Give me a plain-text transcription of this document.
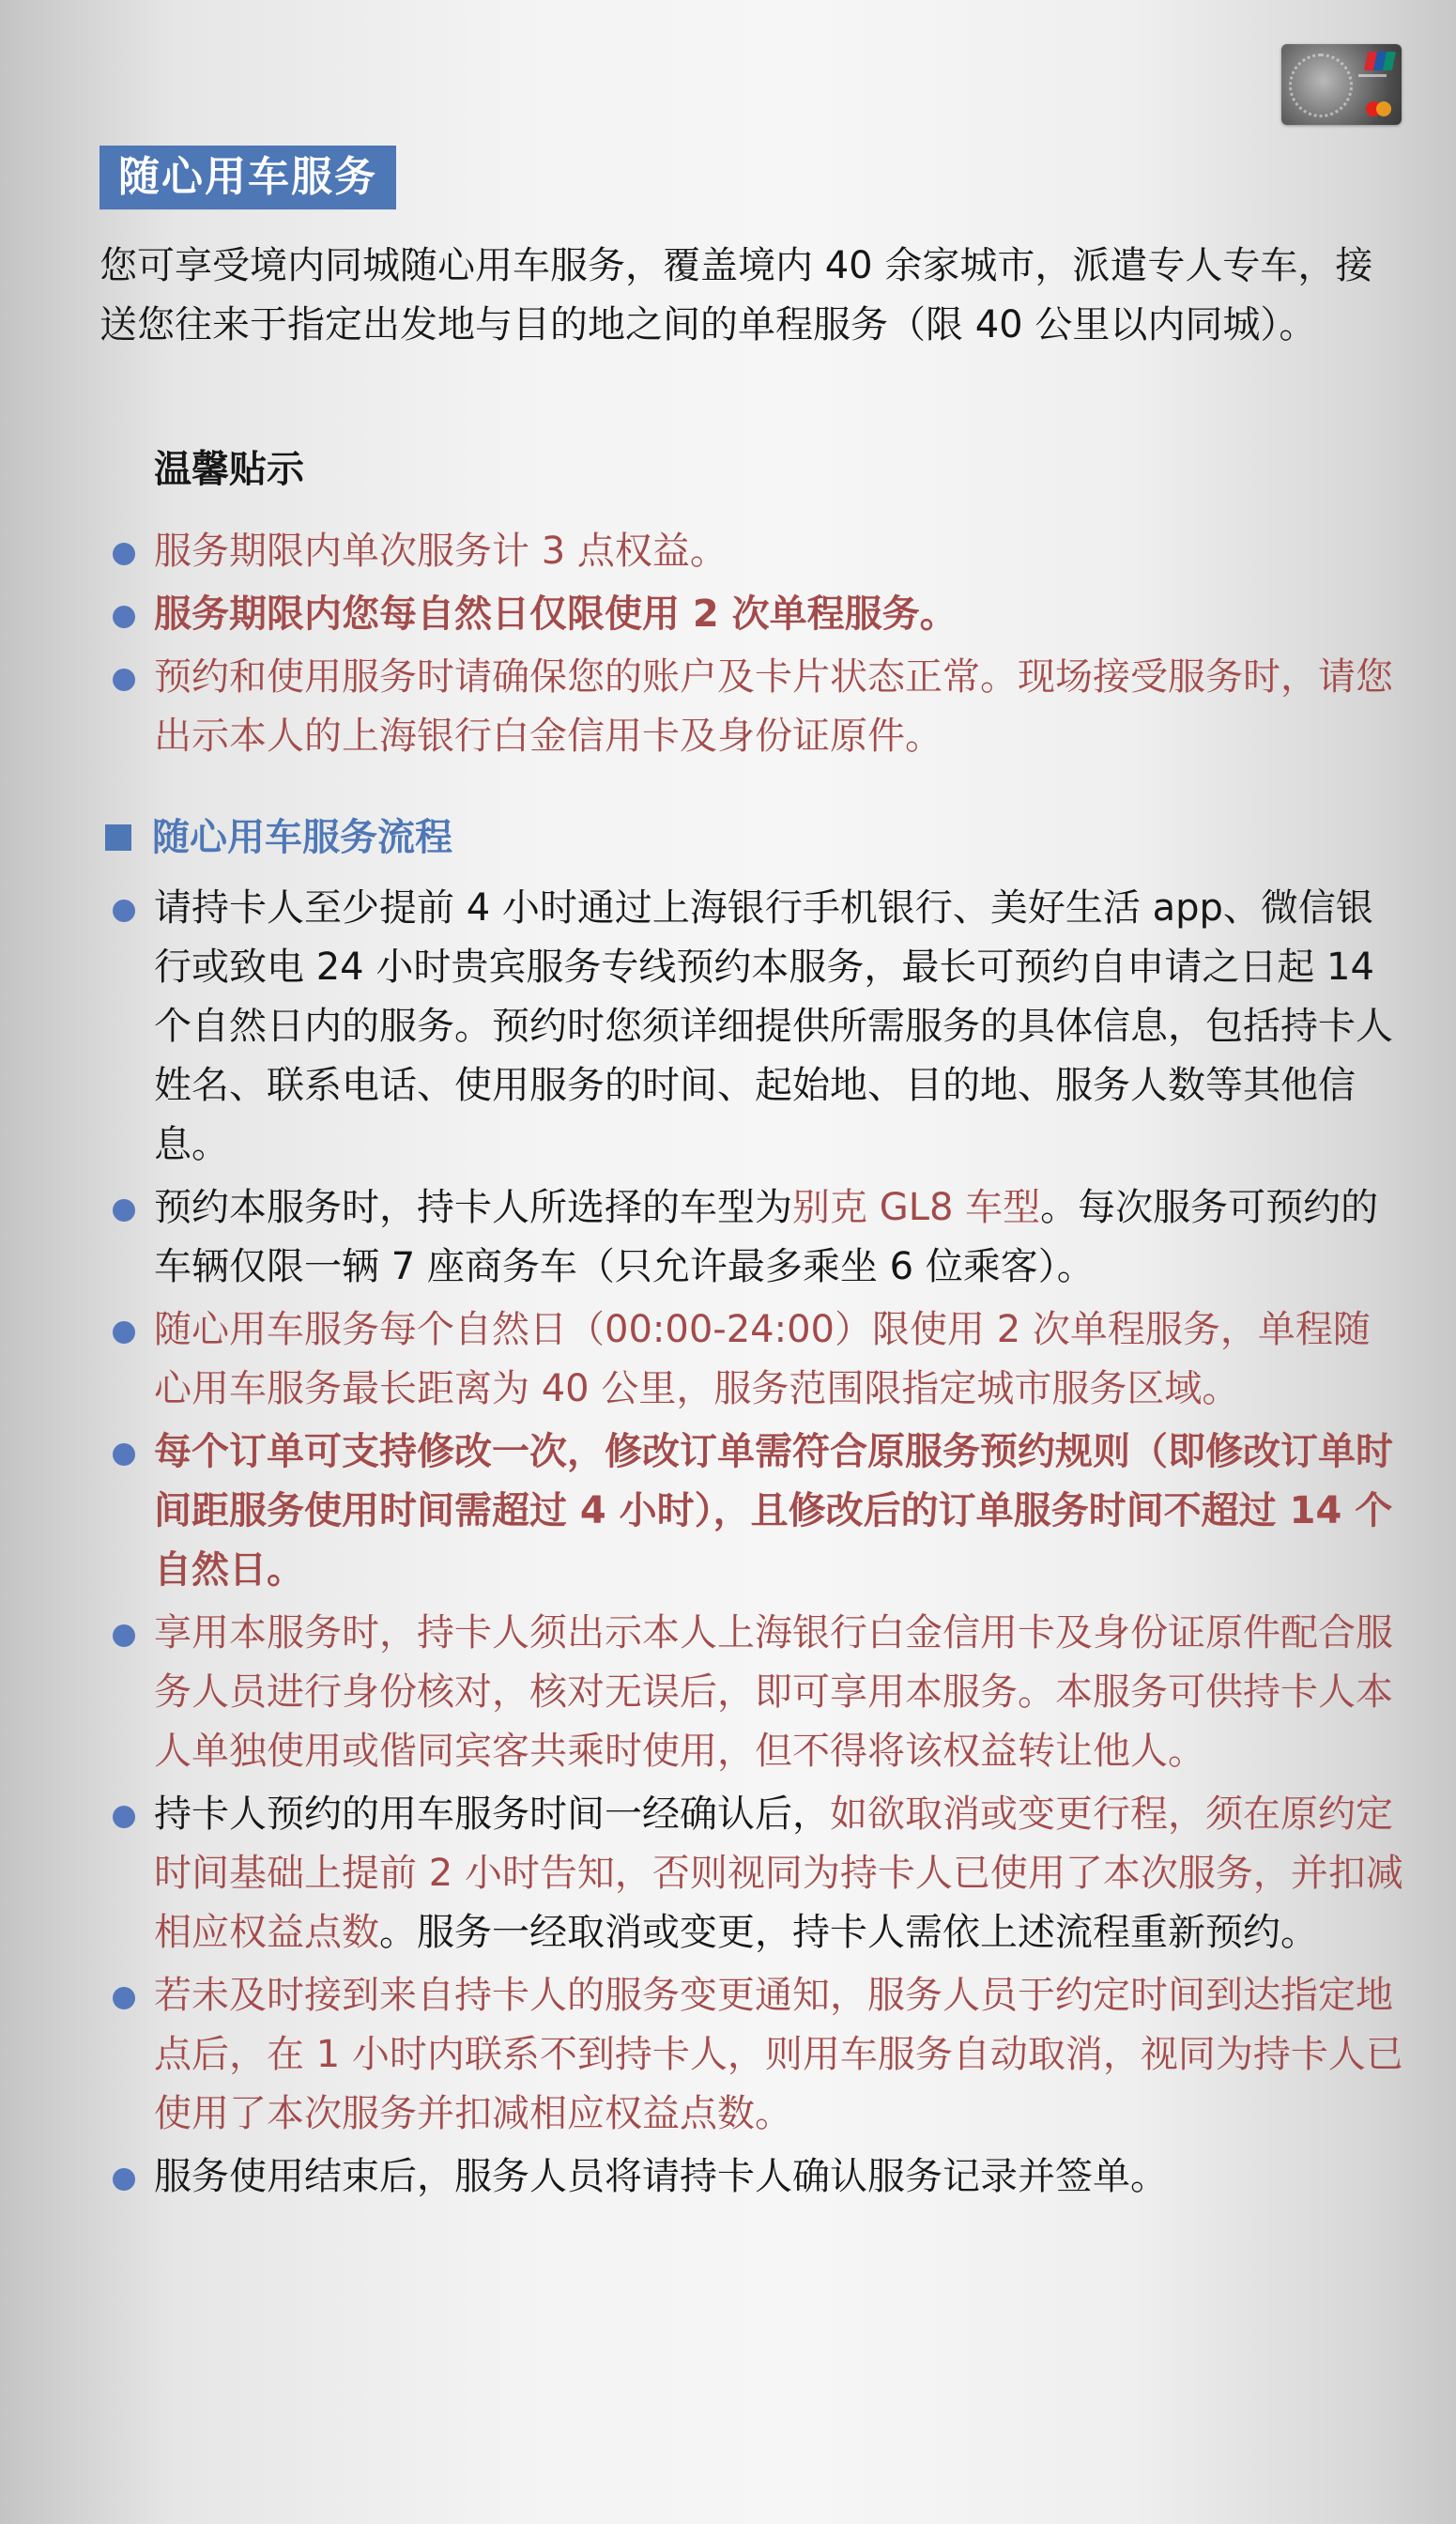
随心用车服务

您可享受境内同城随心用车服务，覆盖境内 40 余家城市，派遣专人专车，接送您往来于指定出发地与目的地之间的单程服务（限 40 公里以内同城）。

温馨贴示

服务期限内单次服务计 3 点权益。
服务期限内您每自然日仅限使用 2 次单程服务。
预约和使用服务时请确保您的账户及卡片状态正常。现场接受服务时，请您出示本人的上海银行白金信用卡及身份证原件。
随心用车服务流程
请持卡人至少提前 4 小时通过上海银行手机银行、美好生活 app、微信银行或致电 24 小时贵宾服务专线预约本服务，最长可预约自申请之日起 14 个自然日内的服务。预约时您须详细提供所需服务的具体信息，包括持卡人姓名、联系电话、使用服务的时间、起始地、目的地、服务人数等其他信息。
预约本服务时，持卡人所选择的车型为别克 GL8 车型。每次服务可预约的车辆仅限一辆 7 座商务车（只允许最多乘坐 6 位乘客）。
随心用车服务每个自然日（00:00-24:00）限使用 2 次单程服务，单程随心用车服务最长距离为 40 公里，服务范围限指定城市服务区域。
每个订单可支持修改一次，修改订单需符合原服务预约规则（即修改订单时间距服务使用时间需超过 4 小时），且修改后的订单服务时间不超过 14 个自然日。
享用本服务时，持卡人须出示本人上海银行白金信用卡及身份证原件配合服务人员进行身份核对，核对无误后，即可享用本服务。本服务可供持卡人本人单独使用或偕同宾客共乘时使用，但不得将该权益转让他人。
持卡人预约的用车服务时间一经确认后，如欲取消或变更行程，须在原约定时间基础上提前 2 小时告知，否则视同为持卡人已使用了本次服务，并扣减相应权益点数。服务一经取消或变更，持卡人需依上述流程重新预约。
若未及时接到来自持卡人的服务变更通知，服务人员于约定时间到达指定地点后，在 1 小时内联系不到持卡人，则用车服务自动取消，视同为持卡人已使用了本次服务并扣减相应权益点数。
服务使用结束后，服务人员将请持卡人确认服务记录并签单。
